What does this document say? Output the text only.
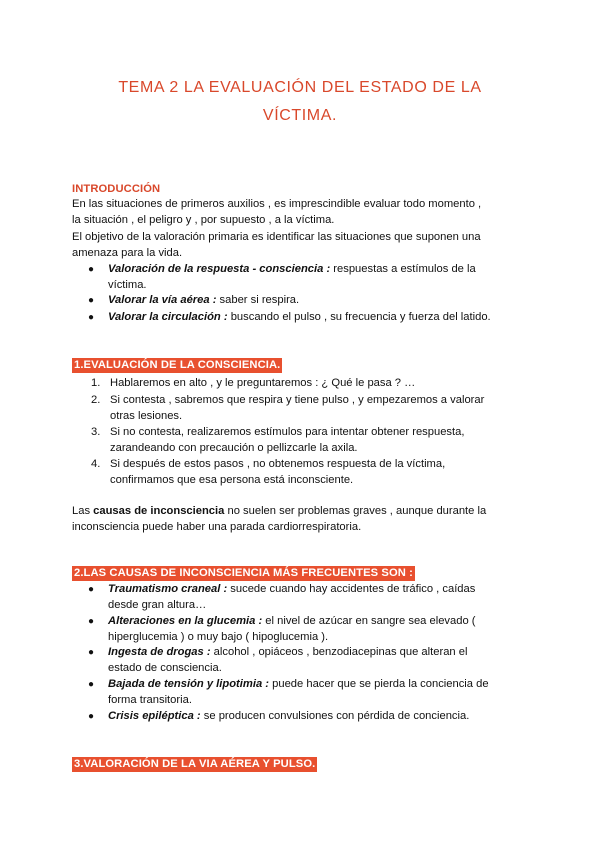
TEMA 2 LA EVALUACIÓN DEL ESTADO DE LA
VÍCTIMA.
INTRODUCCIÓN
En las situaciones de primeros auxilios , es imprescindible evaluar todo momento ,
la situación , el peligro y , por supuesto , a la víctima.
El objetivo de la valoración primaria es identificar las situaciones que suponen una
amenaza para la vida.
● Valoración de la respuesta - consciencia : respuestas a estímulos de la
víctima.
● Valorar la vía aérea : saber si respira.
● Valorar la circulación : buscando el pulso , su frecuencia y fuerza del latido.
1.EVALUACIÓN DE LA CONSCIENCIA.
1. Hablaremos en alto , y le preguntaremos : ¿ Qué le pasa ? …
2. Si contesta , sabremos que respira y tiene pulso , y empezaremos a valorar
otras lesiones.
3. Si no contesta, realizaremos estímulos para intentar obtener respuesta,
zarandeando con precaución o pellizcarle la axila.
4. Si después de estos pasos , no obtenemos respuesta de la víctima,
confirmamos que esa persona está inconsciente.
Las causas de inconsciencia no suelen ser problemas graves , aunque durante la
inconsciencia puede haber una parada cardiorrespiratoria.
2.LAS CAUSAS DE INCONSCIENCIA MÁS FRECUENTES SON :
● Traumatismo craneal : sucede cuando hay accidentes de tráfico , caídas
desde gran altura…
● Alteraciones en la glucemia : el nivel de azúcar en sangre sea elevado (
hiperglucemia ) o muy bajo ( hipoglucemia ).
● Ingesta de drogas : alcohol , opiáceos , benzodiacepinas que alteran el
estado de consciencia.
● Bajada de tensión y lipotimia : puede hacer que se pierda la conciencia de
forma transitoria.
● Crisis epiléptica : se producen convulsiones con pérdida de conciencia.
3.VALORACIÓN DE LA VIA AÉREA Y PULSO.
